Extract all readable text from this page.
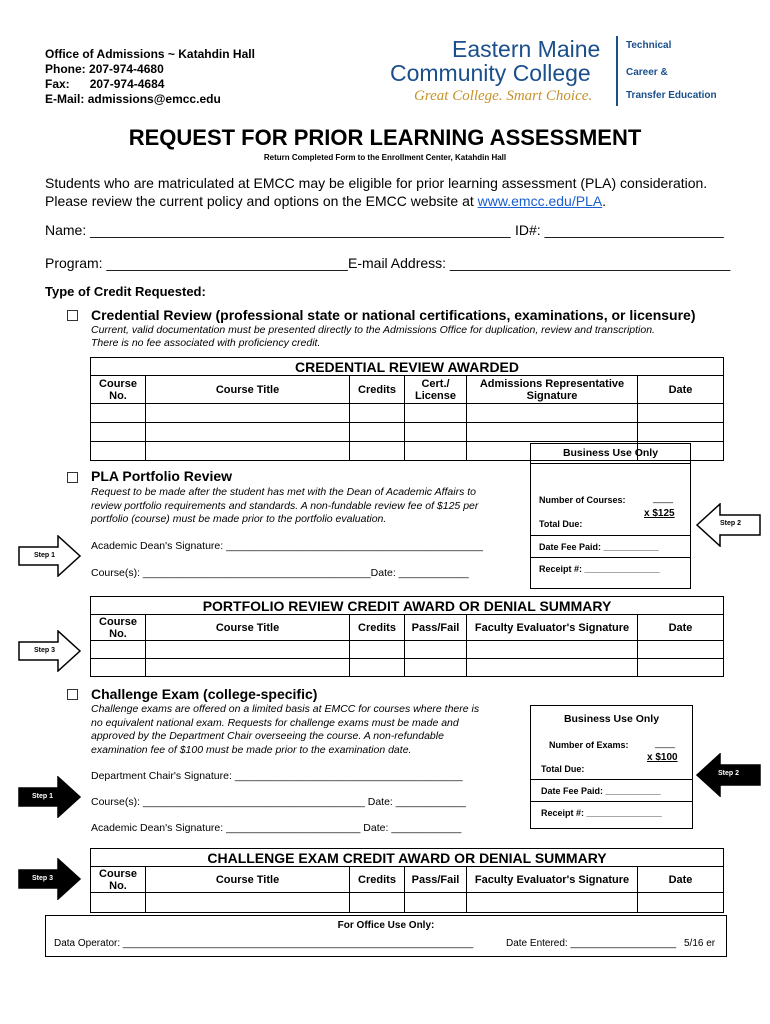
Office of Admissions ~ Katahdin Hall
Phone: 207-974-4680
Fax: 207-974-4684
E-Mail: admissions@emcc.edu
Eastern Maine
Community College
Great College. Smart Choice.
Technical
Career &
Transfer Education
REQUEST FOR PRIOR LEARNING ASSESSMENT
Return Completed Form to the Enrollment Center, Katahdin Hall
Students who are matriculated at EMCC may be eligible for prior learning assessment (PLA) consideration.
Please review the current policy and options on the EMCC website at www.emcc.edu/PLA.
Name: ______________________________________________________ ID#: _______________________
Program: _______________________________ E-mail Address: ____________________________________
Type of Credit Requested:
Credential Review (professional state or national certifications, examinations, or licensure)
Current, valid documentation must be presented directly to the Admissions Office for duplication, review and transcription.
There is no fee associated with proficiency credit.
CREDENTIAL REVIEW AWARDED					
Course No.	Course Title	Credits	Cert./ License	Admissions Representative Signature	Date

PLA Portfolio Review
Request to be made after the student has met with the Dean of Academic Affairs to
review portfolio requirements and standards. A non-fundable review fee of $125 per
portfolio (course) must be made prior to the portfolio evaluation.
Academic Dean's Signature: ____________________________________________
Course(s): _______________________________________Date: ____________
Business Use Only
Number of Courses:	____
x $125
Total Due:
Date Fee Paid: ___________
Receipt #: _______________
PORTFOLIO REVIEW CREDIT AWARD OR DENIAL SUMMARY					
Course No.	Course Title	Credits	Pass/Fail	Faculty Evaluator's Signature	Date

Challenge Exam (college-specific)
Challenge exams are offered on a limited basis at EMCC for courses where there is
no equivalent national exam. Requests for challenge exams must be made and
approved by the Department Chair overseeing the course. A non-refundable
examination fee of $100 must be made prior to the examination date.
Department Chair's Signature: _______________________________________
Course(s): ______________________________________ Date: ____________
Academic Dean's Signature: _______________________ Date: ____________
Business Use Only
Number of Exams:	____
x $100
Total Due:
Date Fee Paid: ___________
Receipt #: _______________
CHALLENGE EXAM CREDIT AWARD OR DENIAL SUMMARY					
Course No.	Course Title	Credits	Pass/Fail	Faculty Evaluator's Signature	Date

For Office Use Only:
Data Operator: _______________________________________________________________	Date Entered: ___________________ 5/16 er
Step 1
Step 3
Step 1
Step 3
Step 2
Step 2
